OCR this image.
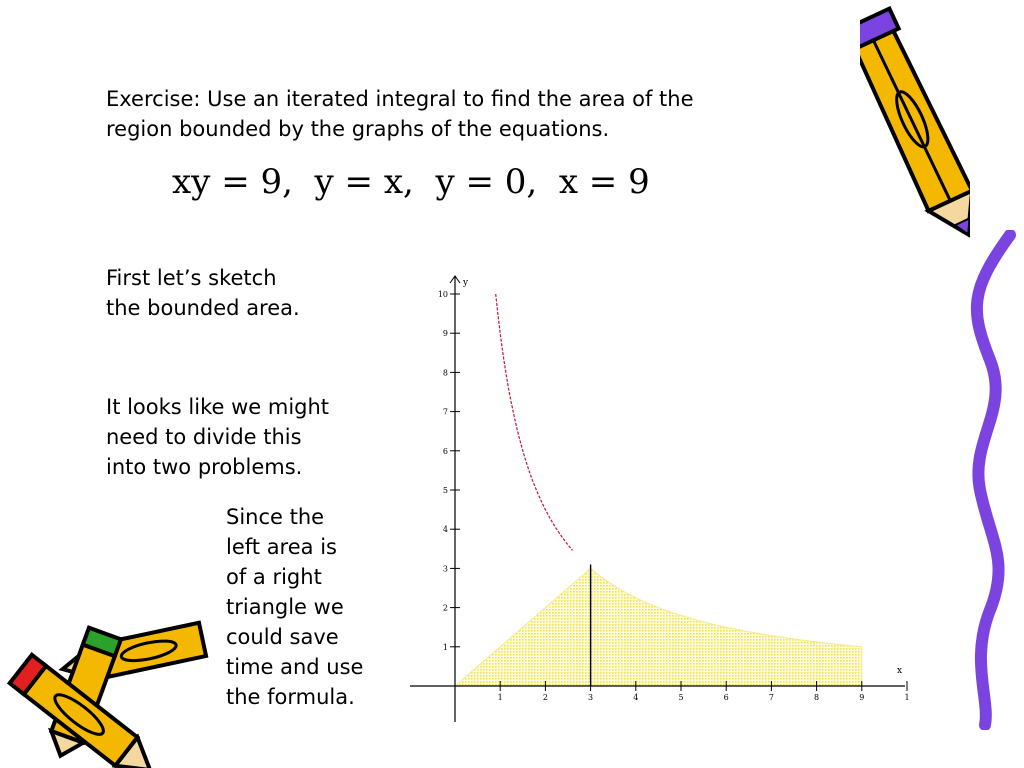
Exercise: Use an iterated integral to find the area of the
region bounded by the graphs of the equations.
xy = 9,  y = x,  y = 0,  x = 9
First let’s sketch
the bounded area.
It looks like we might
need to divide this
into two problems.
Since the
left area is
of a right
triangle we
could save
time and use
the formula.
x
y
1	2	3	4	5	6	7	8	9	1
1
2
3
4
5
6
7
8
9
10
